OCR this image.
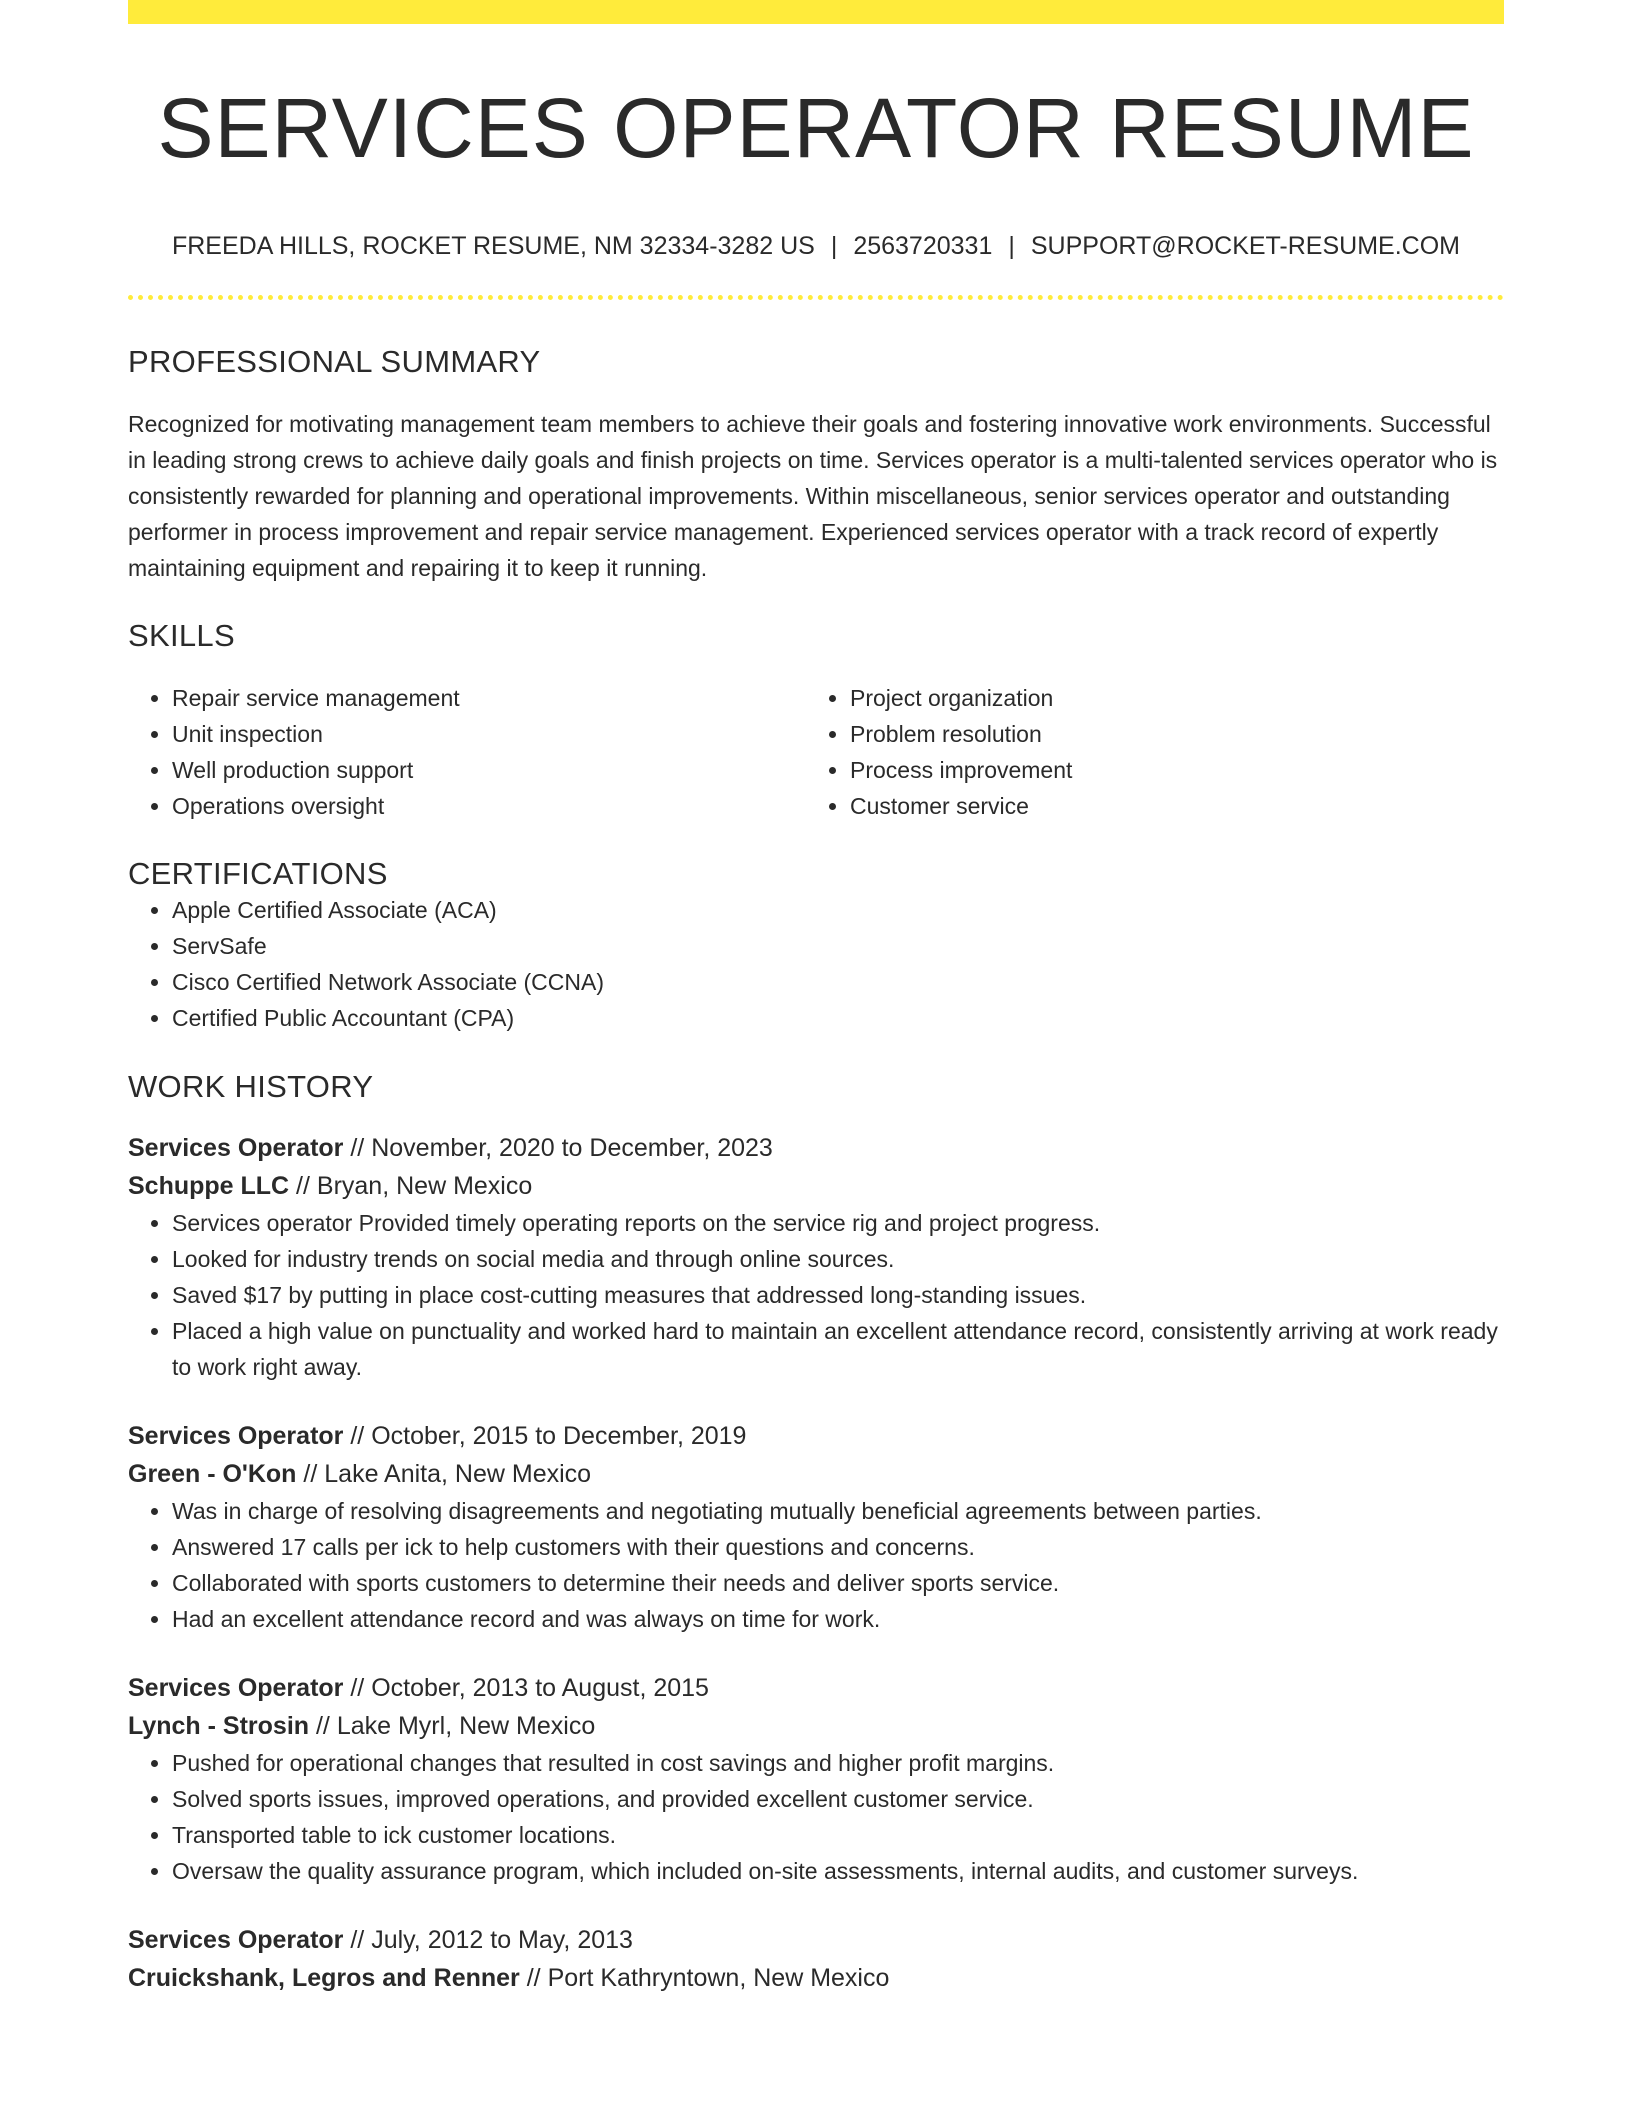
SERVICES OPERATOR RESUME
FREEDA HILLS, ROCKET RESUME, NM 32334-3282 US | 2563720331 | SUPPORT@ROCKET-RESUME.COM
PROFESSIONAL SUMMARY

Recognized for motivating management team members to achieve their goals and fostering innovative work environments. Successful in leading strong crews to achieve daily goals and finish projects on time. Services operator is a multi-talented services operator who is consistently rewarded for planning and operational improvements. Within miscellaneous, senior services operator and outstanding performer in process improvement and repair service management. Experienced services operator with a track record of expertly maintaining equipment and repairing it to keep it running.

SKILLS
• Repair service management
• Unit inspection
• Well production support
• Operations oversight
• Project organization
• Problem resolution
• Process improvement
• Customer service
CERTIFICATIONS
• Apple Certified Associate (ACA)
• ServSafe
• Cisco Certified Network Associate (CCNA)
• Certified Public Accountant (CPA)
WORK HISTORY
Services Operator // November, 2020 to December, 2023
Schuppe LLC // Bryan, New Mexico
• Services operator Provided timely operating reports on the service rig and project progress.
• Looked for industry trends on social media and through online sources.
• Saved $17 by putting in place cost-cutting measures that addressed long-standing issues.
• Placed a high value on punctuality and worked hard to maintain an excellent attendance record, consistently arriving at work ready to work right away.
Services Operator // October, 2015 to December, 2019
Green - O'Kon // Lake Anita, New Mexico
• Was in charge of resolving disagreements and negotiating mutually beneficial agreements between parties.
• Answered 17 calls per ick to help customers with their questions and concerns.
• Collaborated with sports customers to determine their needs and deliver sports service.
• Had an excellent attendance record and was always on time for work.
Services Operator // October, 2013 to August, 2015
Lynch - Strosin // Lake Myrl, New Mexico
• Pushed for operational changes that resulted in cost savings and higher profit margins.
• Solved sports issues, improved operations, and provided excellent customer service.
• Transported table to ick customer locations.
• Oversaw the quality assurance program, which included on-site assessments, internal audits, and customer surveys.
Services Operator // July, 2012 to May, 2013
Cruickshank, Legros and Renner // Port Kathryntown, New Mexico
